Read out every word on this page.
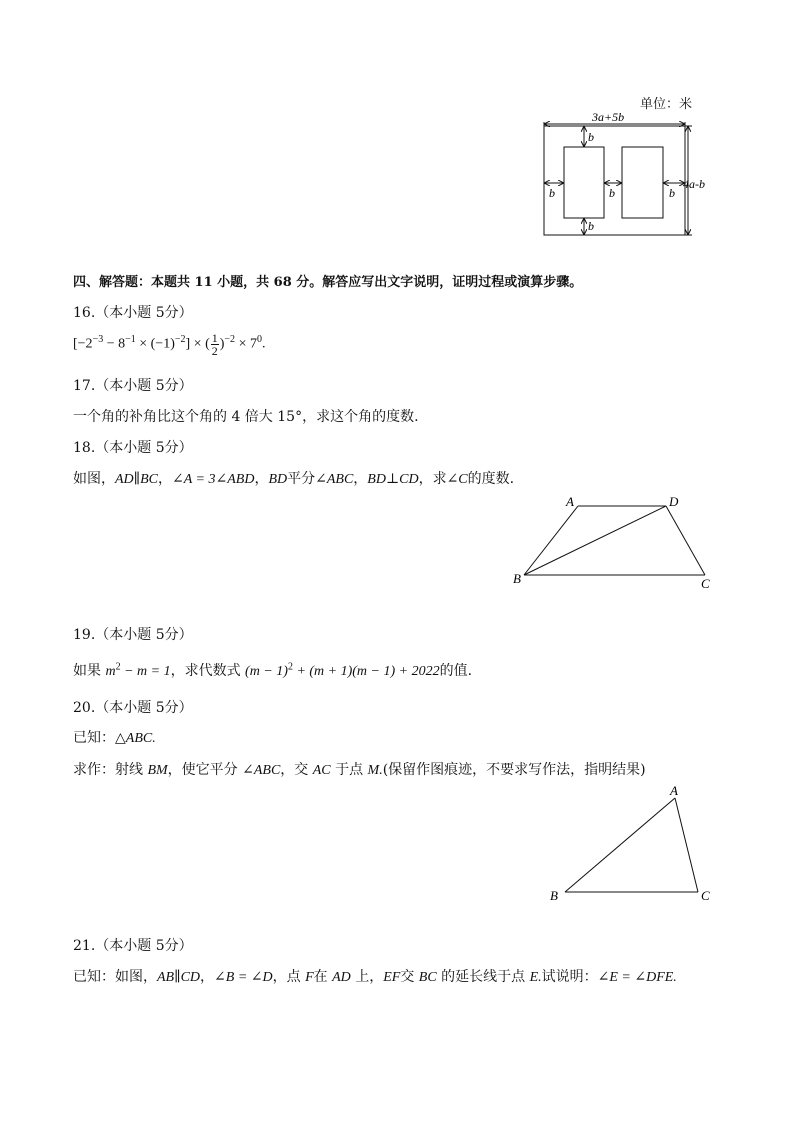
单位：米
3a+5b
4a-b
b
b
b	b	b
四、解答题：本题共 11 小题，共 68 分。解答应写出文字说明，证明过程或演算步骤。
16.（本小题 5分）
$[-2^{-3} - 8^{-1} \times (-1)^{-2}]$ × ( $\frac{1}{2} )^{-2} \times 7^0$.
17.（本小题 5分）
一个角的补角比这个角的 4 倍大 15°，求这个角的度数.
18.（本小题 5分）
如图，AD∥BC，∠A = 3∠ABD，BD平分∠ABC，BD⊥CD，求∠C的度数.
A	D
B	C
19.（本小题 5分）
如果 $m^2 - m = 1$，求代数式 $(m - 1)^2 + (m + 1)(m - 1) + 2022$的值.
20.（本小题 5分）
已知：△ABC.
求作：射线 BM，使它平分 ∠ABC，交 AC 于点 M.(保留作图痕迹，不要求写作法，指明结果)
A
B	C
21.（本小题 5分）
已知：如图，AB∥CD，∠B = ∠D，点 F在 AD 上，EF交 BC 的延长线于点 E.试说明：∠E = ∠DFE.
